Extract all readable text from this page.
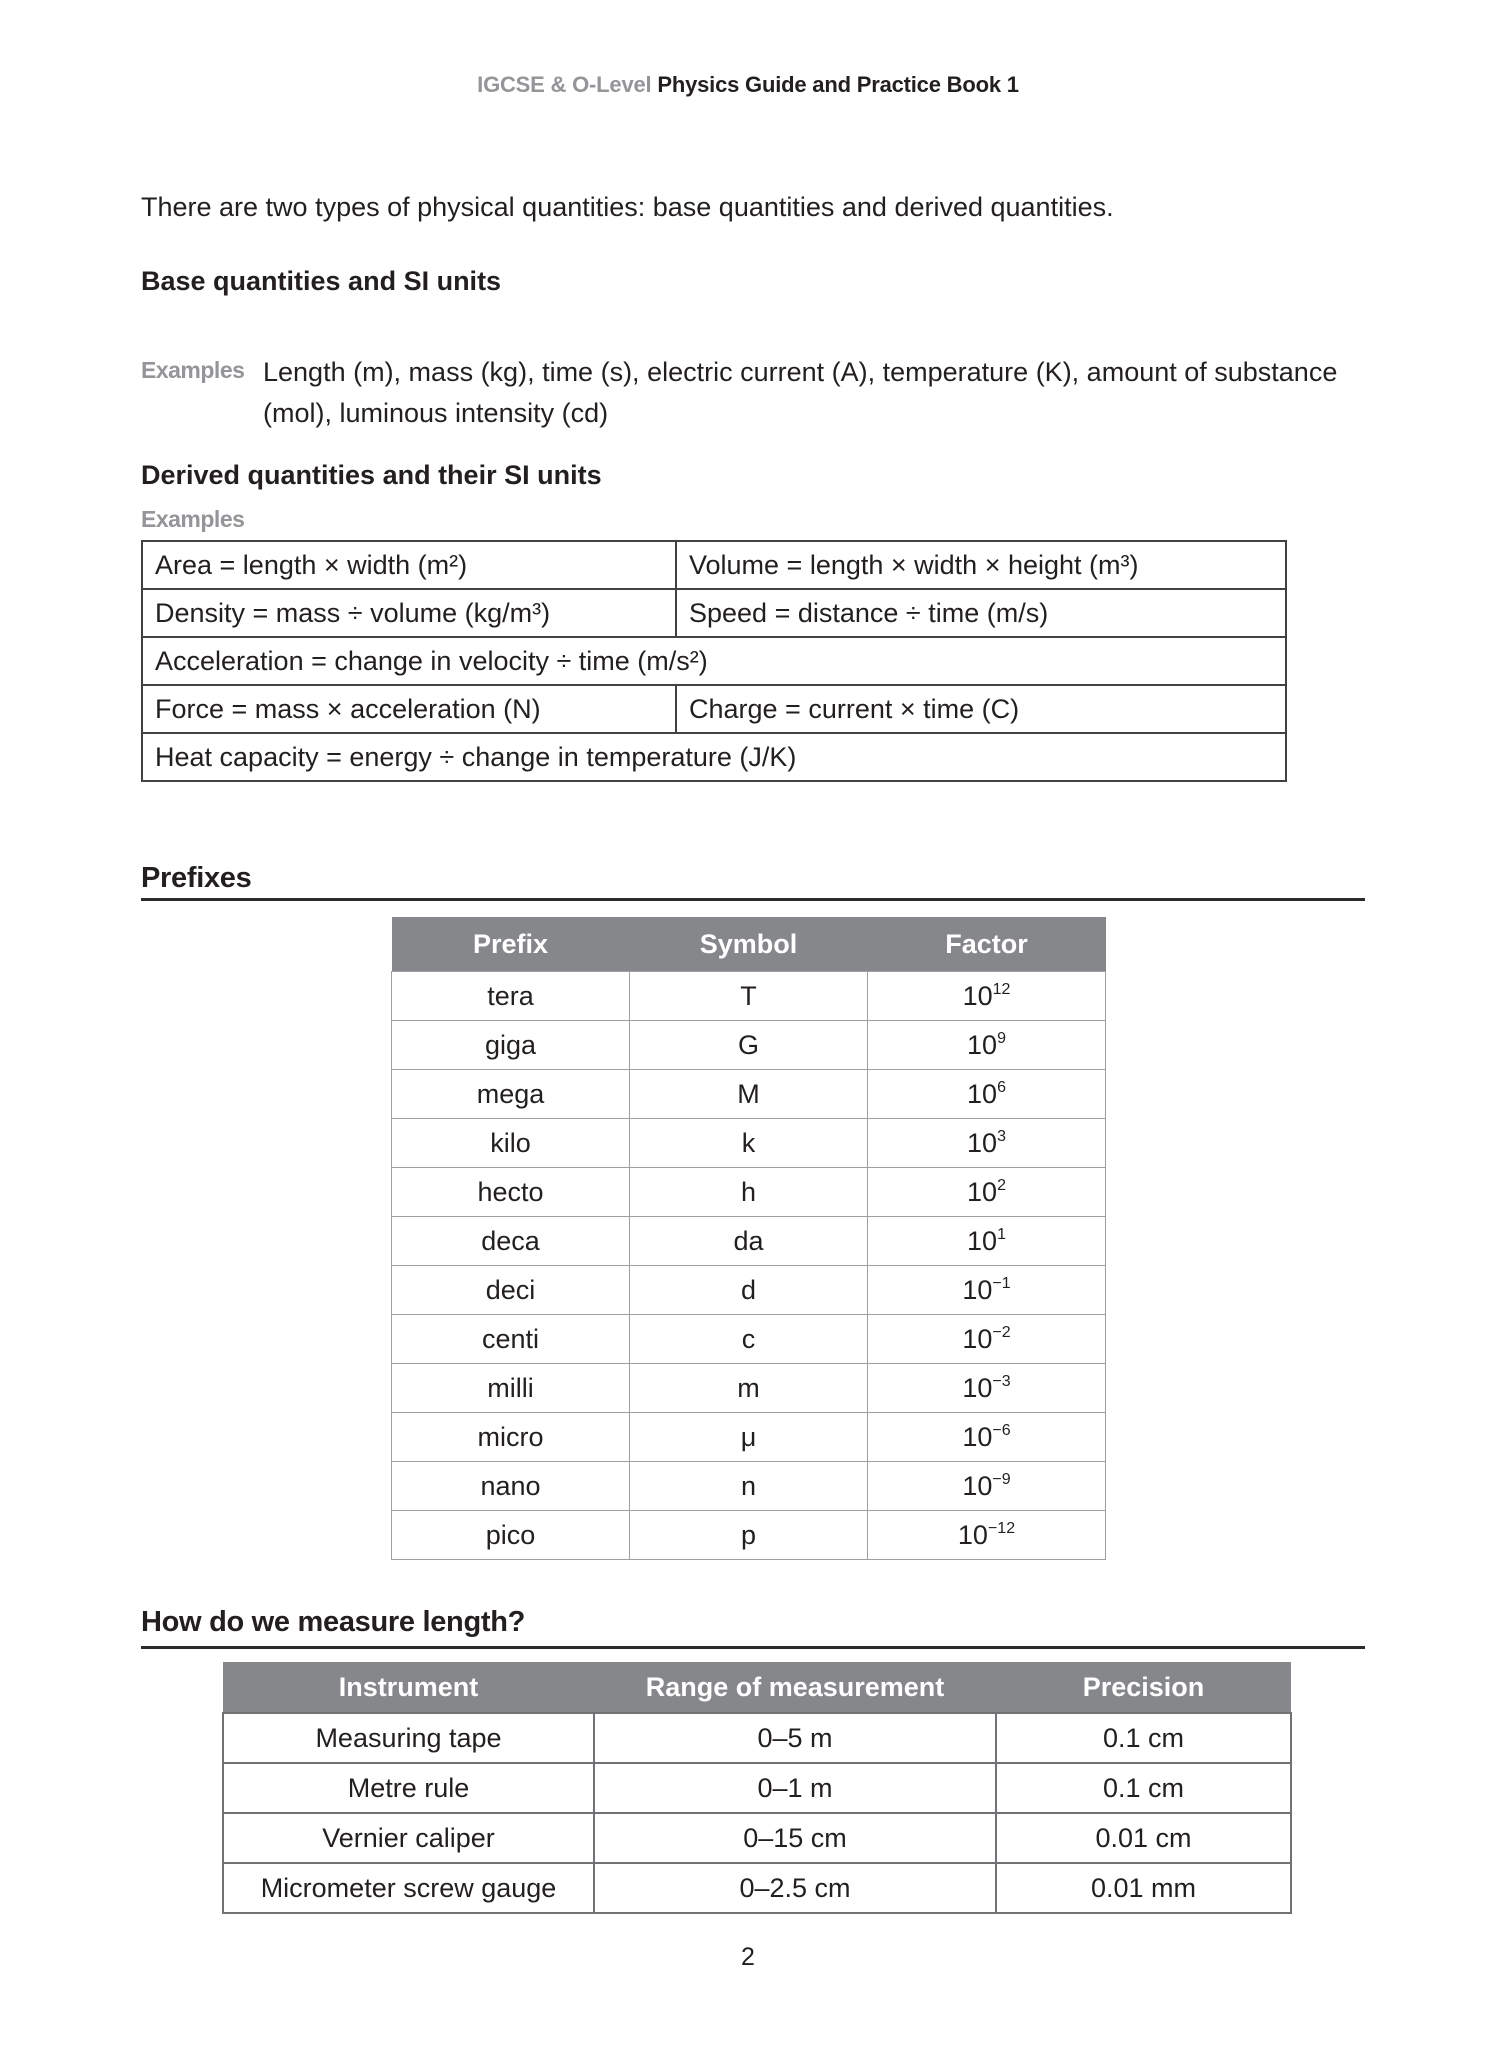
IGCSE & O-Level Physics Guide and Practice Book 1
There are two types of physical quantities: base quantities and derived quantities.
Base quantities and SI units
Examples Length (m), mass (kg), time (s), electric current (A), temperature (K), amount of substance (mol), luminous intensity (cd)
Derived quantities and their SI units
Examples
Area = length × width (m²)	Volume = length × width × height (m³)
Density = mass ÷ volume (kg/m³)	Speed = distance ÷ time (m/s)
Acceleration = change in velocity ÷ time (m/s²)	
Force = mass × acceleration (N)	Charge = current × time (C)
Heat capacity = energy ÷ change in temperature (J/K)	
Prefixes
Prefix	Symbol	Factor
tera	T	$10^{12}$
giga	G	$10^9$
mega	M	$10^6$
kilo	k	$10^3$
hecto	h	$10^2$
deca	da	$10^1$
deci	d	$10^{-1}$
centi	c	$10^{-2}$
milli	m	$10^{-3}$
micro	μ	$10^{-6}$
nano	n	$10^{-9}$
pico	p	$10^{-12}$
How do we measure length?
Instrument	Range of measurement	Precision
Measuring tape	0–5 m	0.1 cm
Metre rule	0–1 m	0.1 cm
Vernier caliper	0–15 cm	0.01 cm
Micrometer screw gauge	0–2.5 cm	0.01 mm
2
